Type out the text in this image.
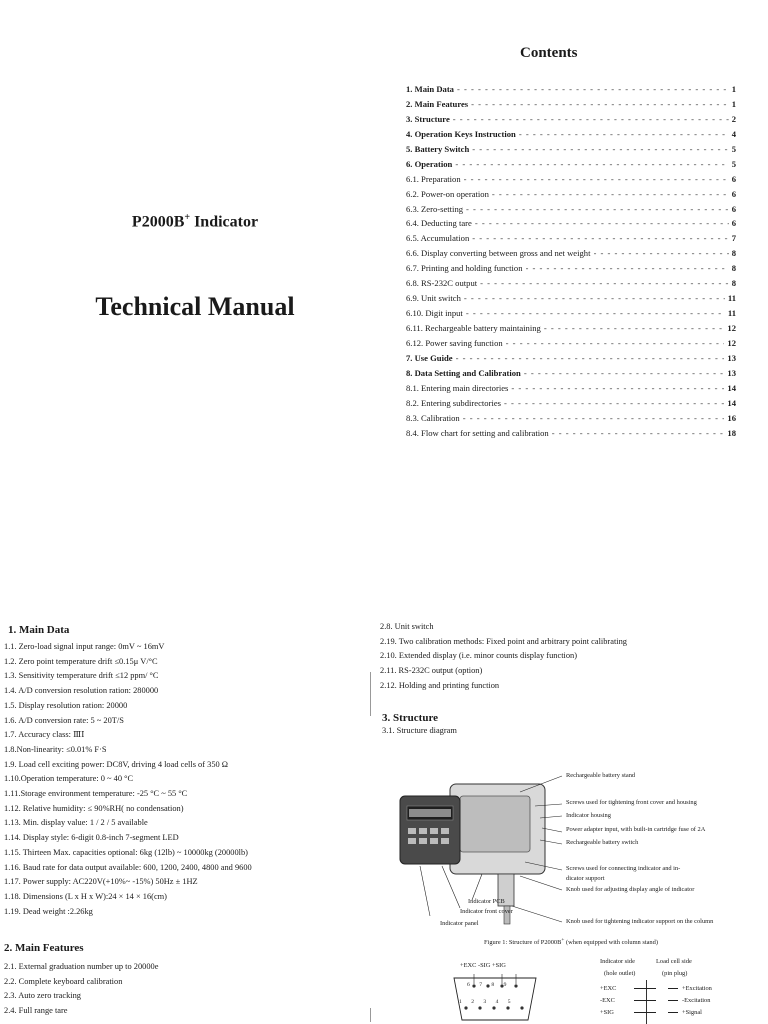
P2000B+ Indicator
Technical Manual
Contents
1. Main Data - - -	1
2. Main Features - - -	1
3. Structure - - -	2
4. Operation Keys Instruction - - -	4
5. Battery Switch - - -	5
6. Operation - - -	5
6.1. Preparation - - -	6
6.2. Power-on operation - - -	6
6.3. Zero-setting - - -	6
6.4. Deducting tare - - -	6
6.5. Accumulation - - -	7
6.6. Display converting between gross and net weight - - -	8
6.7. Printing and holding function - - -	8
6.8. RS-232C output - - -	8
6.9. Unit switch - - -	11
6.10. Digit input - - -	11
6.11. Rechargeable battery maintaining - - -	12
6.12. Power saving function - - -	12
7. Use Guide - - -	13
8. Data Setting and Calibration - - -	13
8.1. Entering main directories - - -	14
8.2. Entering subdirectories - - -	14
8.3. Calibration - - -	16
8.4. Flow chart for setting and calibration - - -	18
1. Main Data
1.1. Zero-load signal input range: 0mV ~ 16mV
1.2. Zero point temperature drift ≤0.15μ V/°C
1.3. Sensitivity temperature drift ≤12 ppm/ °C
1.4. A/D conversion resolution ration: 280000
1.5. Display resolution ration: 20000
1.6. A/D conversion rate: 5 ~ 20T/S
1.7. Accuracy class: ⅢⅠ
1.8.Non-linearity: ≤0.01% F·S
1.9. Load cell exciting power: DC8V, driving 4 load cells of 350 Ω
1.10.Operation temperature: 0 ~ 40 °C
1.11.Storage environment temperature: -25 °C ~ 55 °C
1.12. Relative humidity: ≤ 90%RH( no condensation)
1.13. Min. display value: 1 / 2 / 5 available
1.14. Display style: 6-digit 0.8-inch 7-segment LED
1.15. Thirteen Max. capacities optional: 6kg (12lb) ~ 10000kg (20000lb)
1.16. Baud rate for data output available: 600, 1200, 2400, 4800 and 9600
1.17. Power supply: AC220V(+10%~ -15%) 50Hz ± 1HZ
1.18. Dimensions (L x H x W):24 × 14 × 16(cm)
1.19. Dead weight :2.26kg
2. Main Features
2.1. External graduation number up to 20000e
2.2. Complete keyboard calibration
2.3. Auto zero tracking
2.4. Full range tare
2.8. Unit switch
2.19. Two calibration methods: Fixed point and arbitrary point calibrating
2.10. Extended display (i.e. minor counts display function)
2.11. RS-232C output (option)
2.12. Holding and printing function
3. Structure
3.1. Structure diagram
Rechargeable battery stand
Screws used for tightening front cover and housing
Indicator housing
Power adapter input, with built-in cartridge fuse of 2A
Rechargeable battery switch
Screws used for connecting indicator and in-
dicator support
Knob used for adjusting display angle of indicator
Knob used for tightening indicator support on the column
Indicator PCB
Indicator front cover
Indicator panel
Figure 1: Structure of P2000B+ (when equipped with column stand)
+EXC -SIG +SIG
6 7 8 9
1 2 3 4 5
Indicator side
(hole outlet)
Load cell side
(pin plug)
+EXC	+Excitation
-EXC	-Excitation
+SIG	+Signal
